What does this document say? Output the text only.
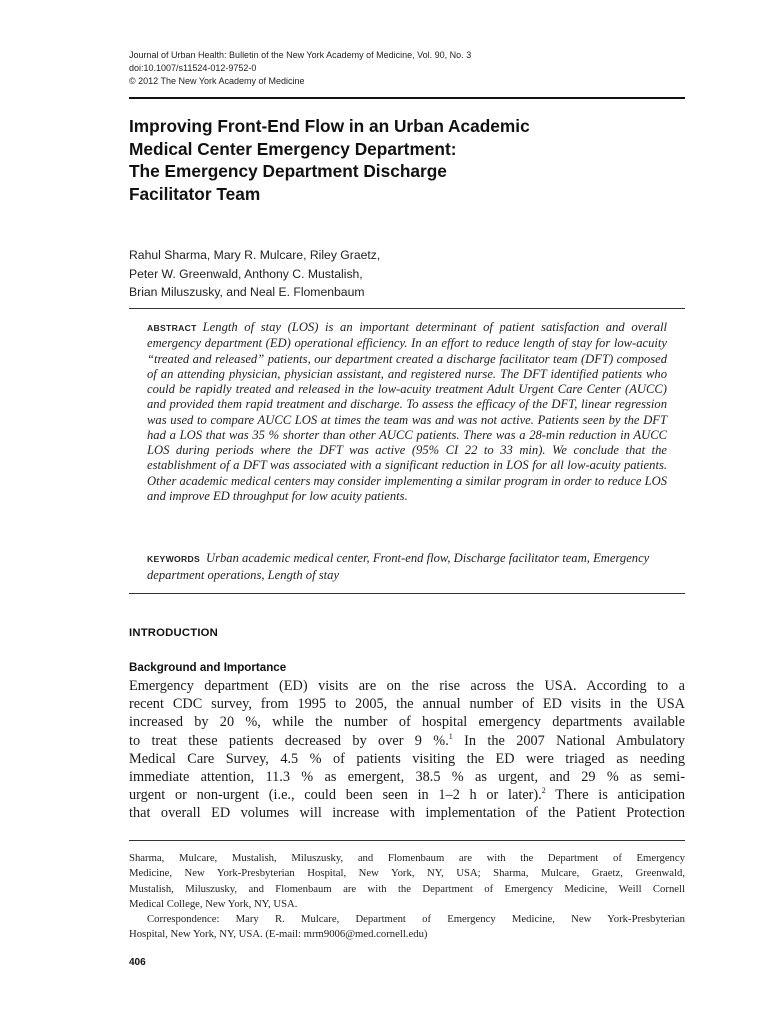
Journal of Urban Health: Bulletin of the New York Academy of Medicine, Vol. 90, No. 3
doi:10.1007/s11524-012-9752-0
© 2012 The New York Academy of Medicine
Improving Front-End Flow in an Urban Academic
Medical Center Emergency Department:
The Emergency Department Discharge
Facilitator Team
Rahul Sharma, Mary R. Mulcare, Riley Graetz,
Peter W. Greenwald, Anthony C. Mustalish,
Brian Miluszusky, and Neal E. Flomenbaum

ABSTRACT Length of stay (LOS) is an important determinant of patient satisfaction and overall emergency department (ED) operational efficiency. In an effort to reduce length of stay for low-acuity “treated and released” patients, our department created a discharge facilitator team (DFT) composed of an attending physician, physician assistant, and registered nurse. The DFT identified patients who could be rapidly treated and released in the low-acuity treatment Adult Urgent Care Center (AUCC) and provided them rapid treatment and discharge. To assess the efficacy of the DFT, linear regression was used to compare AUCC LOS at times the team was and was not active. Patients seen by the DFT had a LOS that was 35 % shorter than other AUCC patients. There was a 28-min reduction in AUCC LOS during periods where the DFT was active (95% CI 22 to 33 min). We conclude that the establishment of a DFT was associated with a significant reduction in LOS for all low-acuity patients. Other academic medical centers may consider implementing a similar program in order to reduce LOS and improve ED throughput for low acuity patients.

KEYWORDS Urban academic medical center, Front-end flow, Discharge facilitator team, Emergency department operations, Length of stay
INTRODUCTION
Background and Importance
Emergency department (ED) visits are on the rise across the USA. According to a
recent CDC survey, from 1995 to 2005, the annual number of ED visits in the USA
increased by 20 %, while the number of hospital emergency departments available
to treat these patients decreased by over 9 %.$^1$ In the 2007 National Ambulatory
Medical Care Survey, 4.5 % of patients visiting the ED were triaged as needing
immediate attention, 11.3 % as emergent, 38.5 % as urgent, and 29 % as semi-
urgent or non-urgent (i.e., could been seen in 1–2 h or later).$^2$ There is anticipation
that overall ED volumes will increase with implementation of the Patient Protection
Sharma, Mulcare, Mustalish, Miluszusky, and Flomenbaum are with the Department of Emergency
Medicine, New York-Presbyterian Hospital, New York, NY, USA; Sharma, Mulcare, Graetz, Greenwald,
Mustalish, Miluszusky, and Flomenbaum are with the Department of Emergency Medicine, Weill Cornell
Medical College, New York, NY, USA.
Correspondence: Mary R. Mulcare, Department of Emergency Medicine, New York-Presbyterian
Hospital, New York, NY, USA. (E-mail: mrm9006@med.cornell.edu)
406
